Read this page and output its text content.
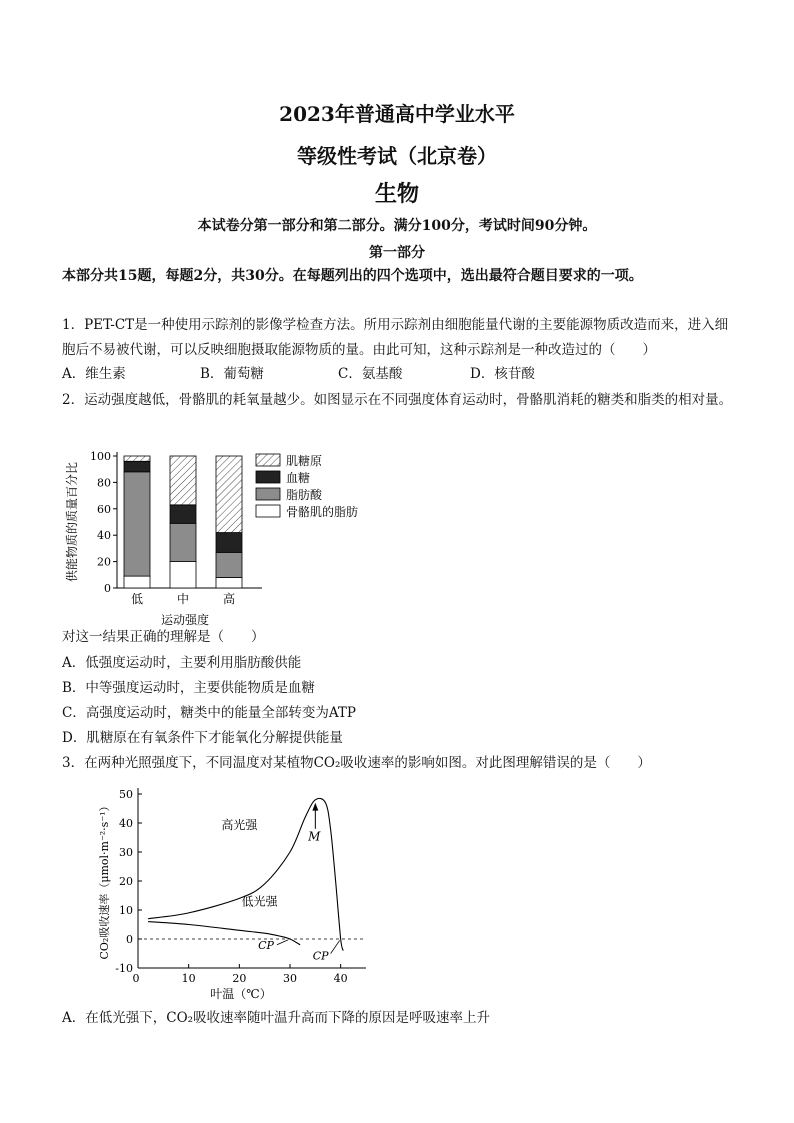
2023年普通高中学业水平
等级性考试（北京卷）
生物
本试卷分第一部分和第二部分。满分100分，考试时间90分钟。
第一部分
本部分共15题，每题2分，共30分。在每题列出的四个选项中，选出最符合题目要求的一项。
1．PET-CT是一种使用示踪剂的影像学检查方法。所用示踪剂由细胞能量代谢的主要能源物质改造而来，进入细胞后不易被代谢，可以反映细胞摄取能源物质的量。由此可知，这种示踪剂是一种改造过的（　　）
A．维生素	B．葡萄糖	C．氨基酸	D．核苷酸
2．运动强度越低，骨骼肌的耗氧量越少。如图显示在不同强度体育运动时，骨骼肌消耗的糖类和脂类的相对量。
0
20
40
60
80
100
低	中	高
肌糖原
血糖
脂肪酸
骨骼肌的脂肪
供能物质的质量百分比
运动强度
对这一结果正确的理解是（　　）
A．低强度运动时，主要利用脂肪酸供能
B．中等强度运动时，主要供能物质是血糖
C．高强度运动时，糖类中的能量全部转变为ATP
D．肌糖原在有氧条件下才能氧化分解提供能量
3．在两种光照强度下，不同温度对某植物CO₂吸收速率的影响如图。对此图理解错误的是（　　）
-10
0
10
20
30
40
50
0	10	20	30	40
高光强
低光强
M
CP
CP
CO₂吸收速率（μmol·m⁻²·s⁻¹）
叶温（℃）
A．在低光强下，CO₂吸收速率随叶温升高而下降的原因是呼吸速率上升
